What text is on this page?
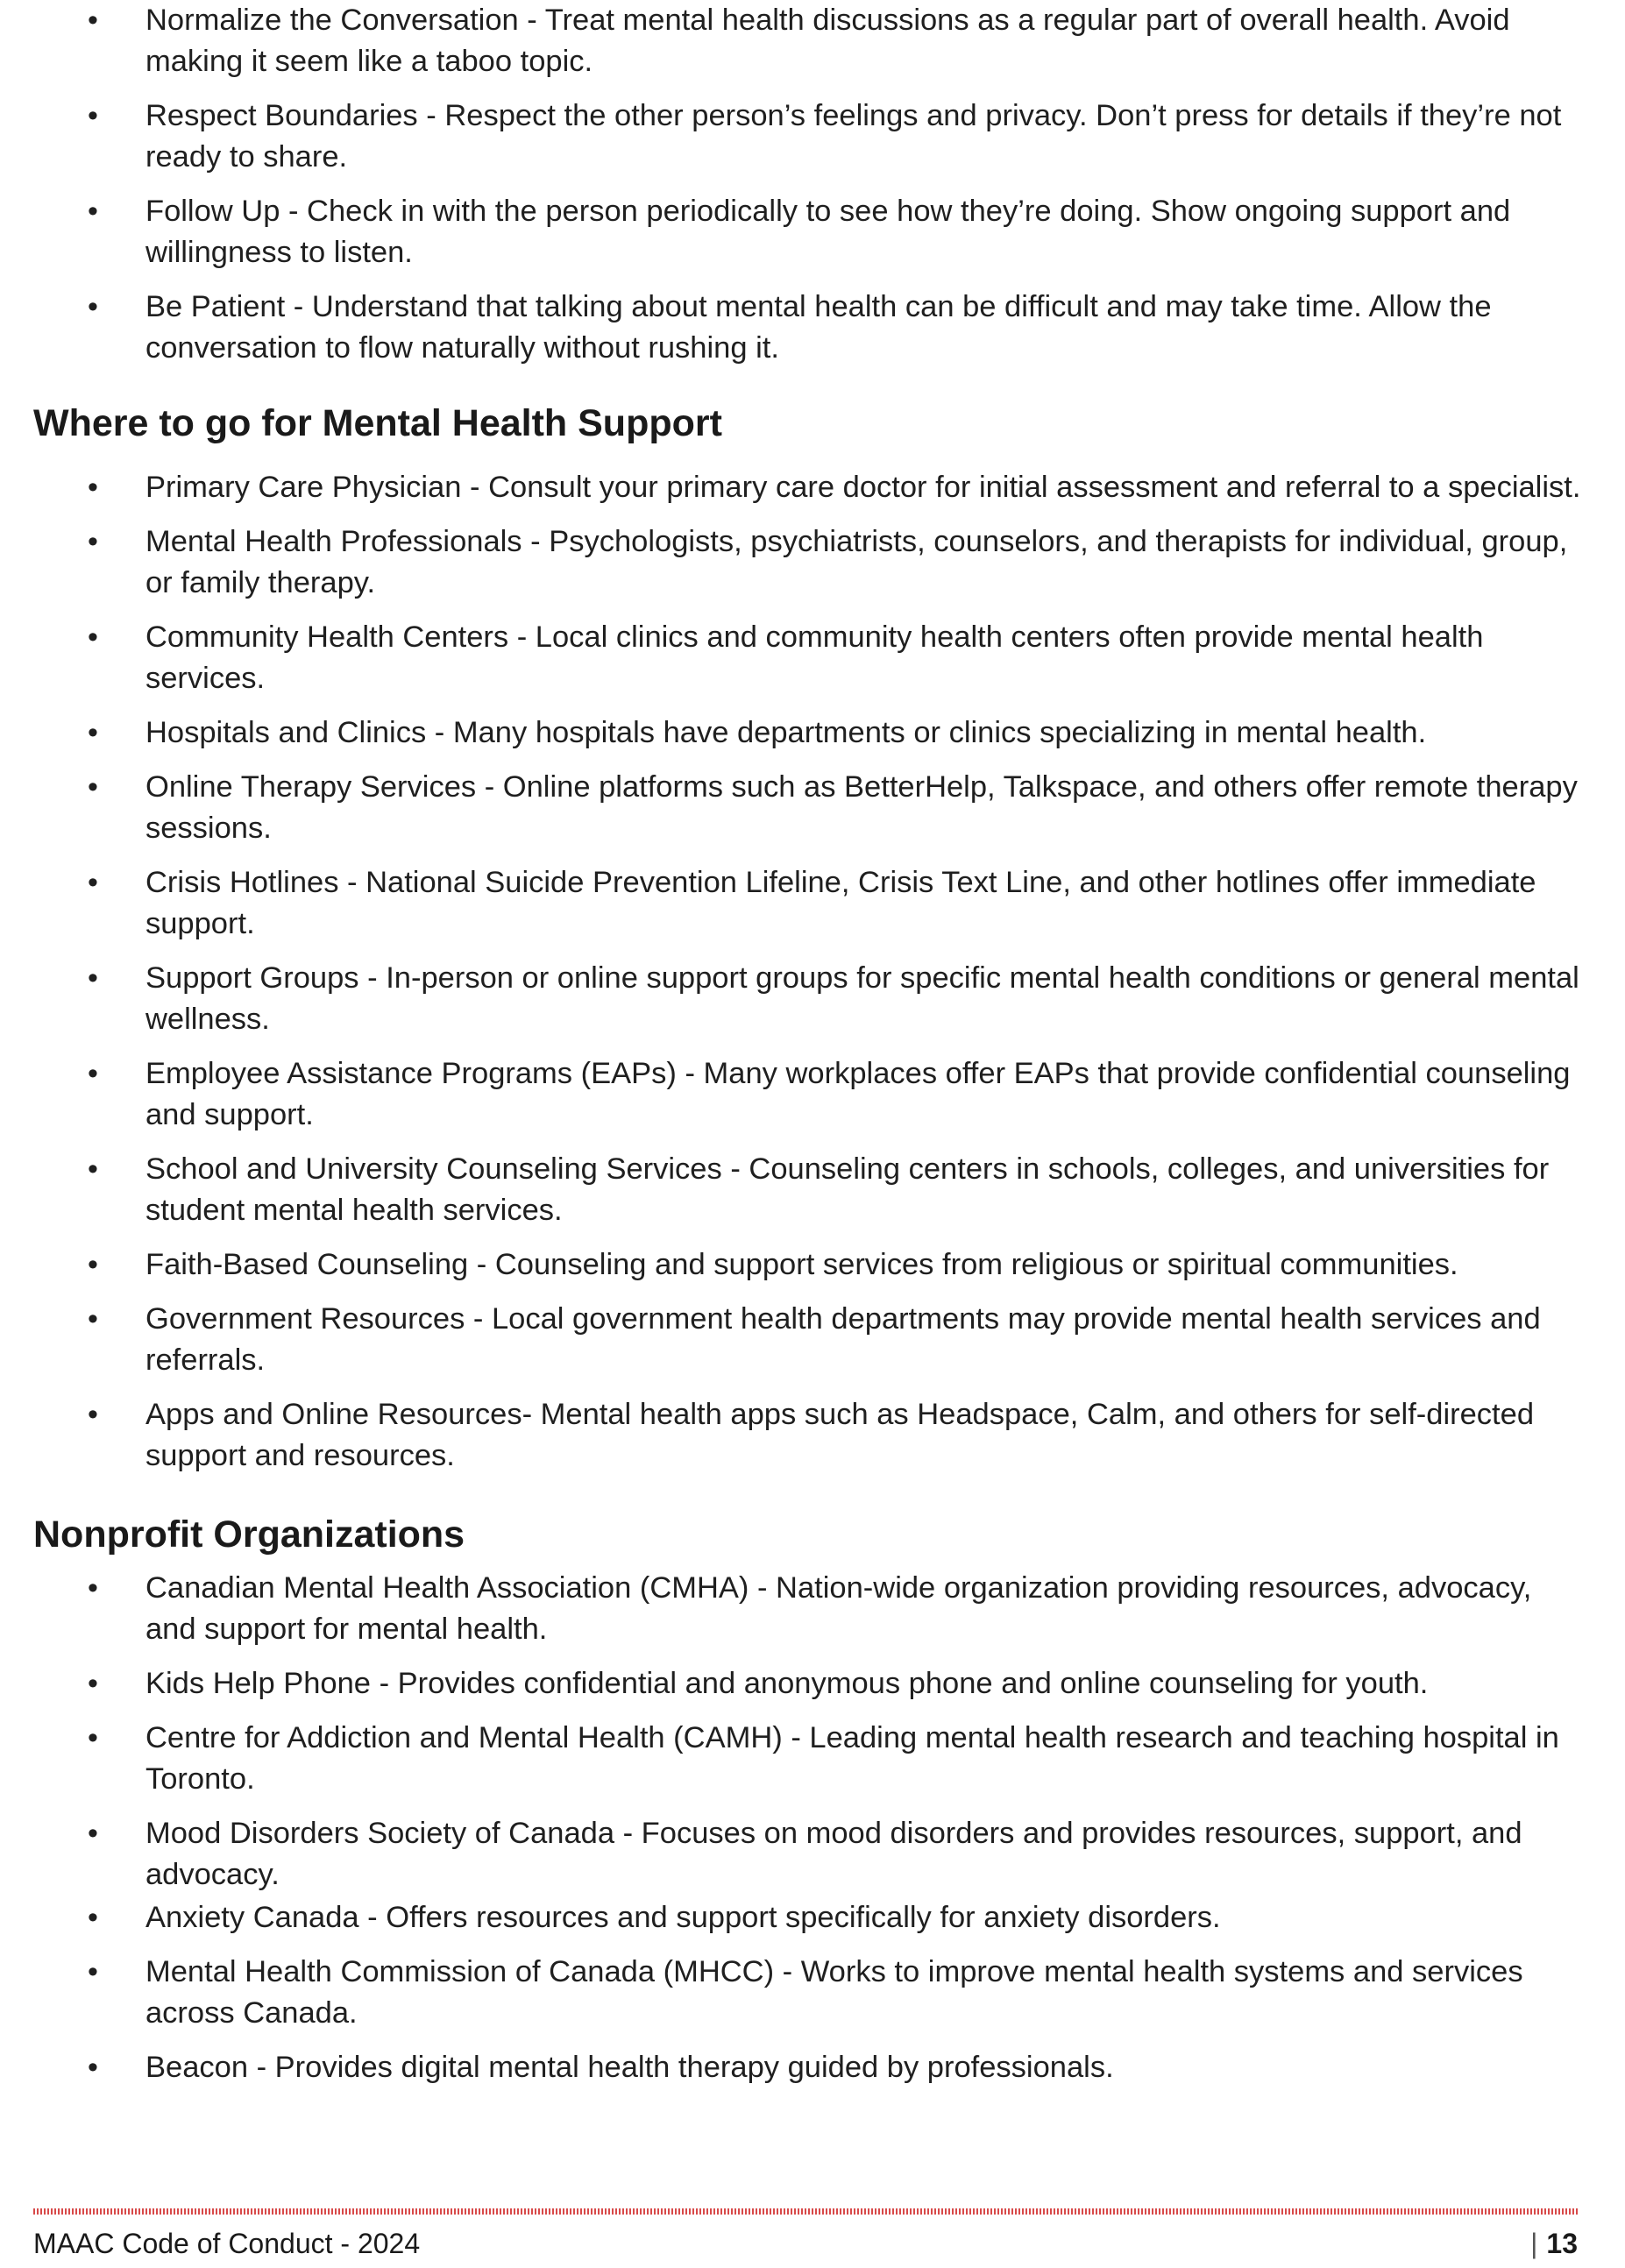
• Normalize the Conversation - Treat mental health discussions as a regular part of overall health. Avoid making it seem like a taboo topic.
• Respect Boundaries - Respect the other person’s feelings and privacy. Don’t press for details if they’re not ready to share.
• Follow Up - Check in with the person periodically to see how they’re doing. Show ongoing support and willingness to listen.
• Be Patient - Understand that talking about mental health can be difficult and may take time. Allow the conversation to flow naturally without rushing it.
Where to go for Mental Health Support
• Primary Care Physician - Consult your primary care doctor for initial assessment and referral to a specialist.
• Mental Health Professionals - Psychologists, psychiatrists, counselors, and therapists for individual, group, or family therapy.
• Community Health Centers - Local clinics and community health centers often provide mental health services.
• Hospitals and Clinics - Many hospitals have departments or clinics specializing in mental health.
• Online Therapy Services - Online platforms such as BetterHelp, Talkspace, and others offer remote therapy sessions.
• Crisis Hotlines - National Suicide Prevention Lifeline, Crisis Text Line, and other hotlines offer immediate support.
• Support Groups - In-person or online support groups for specific mental health conditions or general mental wellness.
• Employee Assistance Programs (EAPs) - Many workplaces offer EAPs that provide confidential counseling and support.
• School and University Counseling Services - Counseling centers in schools, colleges, and universities for student mental health services.
• Faith-Based Counseling - Counseling and support services from religious or spiritual communities.
• Government Resources - Local government health departments may provide mental health services and referrals.
• Apps and Online Resources- Mental health apps such as Headspace, Calm, and others for self-directed support and resources.
Nonprofit Organizations
• Canadian Mental Health Association (CMHA) - Nation-wide organization providing resources, advocacy, and support for mental health.
• Kids Help Phone - Provides confidential and anonymous phone and online counseling for youth.
• Centre for Addiction and Mental Health (CAMH) - Leading mental health research and teaching hospital in Toronto.
• Mood Disorders Society of Canada - Focuses on mood disorders and provides resources, support, and advocacy.
• Anxiety Canada - Offers resources and support specifically for anxiety disorders.
• Mental Health Commission of Canada (MHCC) - Works to improve mental health systems and services across Canada.
• Beacon - Provides digital mental health therapy guided by professionals.
MAAC Code of Conduct - 2024	| 13
